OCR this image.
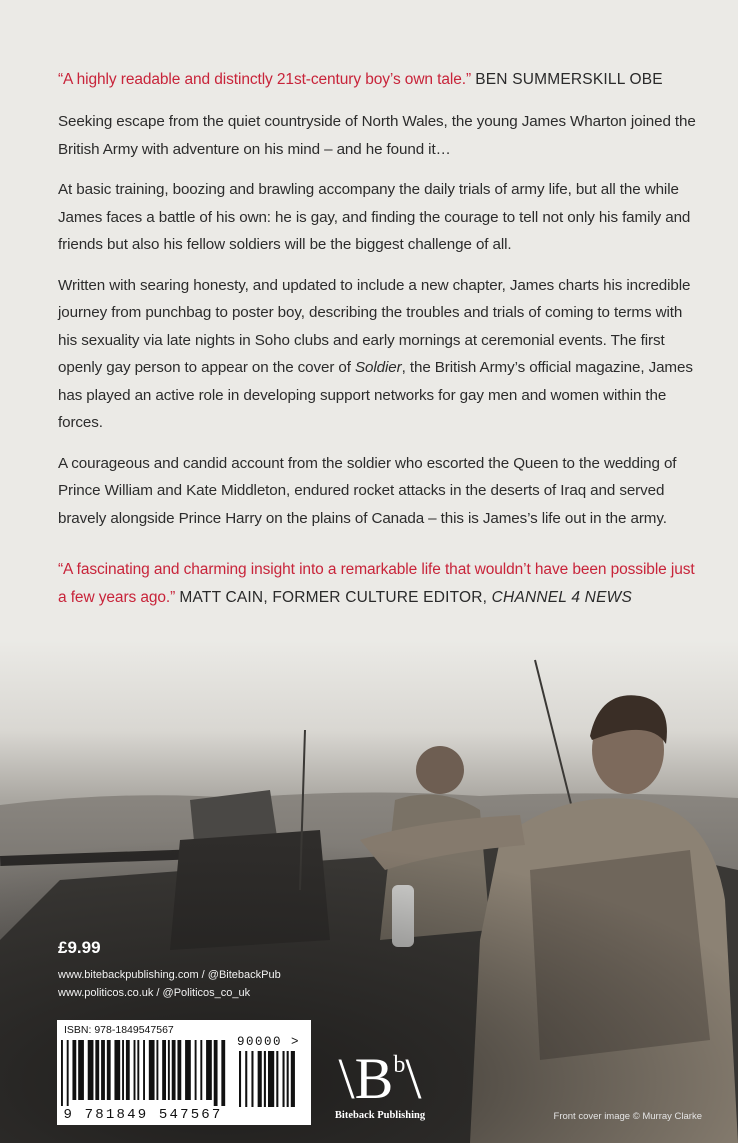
“A highly readable and distinctly 21st-century boy’s own tale.” BEN SUMMERSKILL OBE

Seeking escape from the quiet countryside of North Wales, the young James Wharton joined the British Army with adventure on his mind – and he found it…

At basic training, boozing and brawling accompany the daily trials of army life, but all the while James faces a battle of his own: he is gay, and finding the courage to tell not only his family and friends but also his fellow soldiers will be the biggest challenge of all.

Written with searing honesty, and updated to include a new chapter, James charts his incredible journey from punchbag to poster boy, describing the troubles and trials of coming to terms with his sexuality via late nights in Soho clubs and early mornings at ceremonial events. The first openly gay person to appear on the cover of Soldier, the British Army’s official magazine, James has played an active role in developing support networks for gay men and women within the forces.

A courageous and candid account from the soldier who escorted the Queen to the wedding of Prince William and Kate Middleton, endured rocket attacks in the deserts of Iraq and served bravely alongside Prince Harry on the plains of Canada – this is James’s life out in the army.

“A fascinating and charming insight into a remarkable life that wouldn’t have been possible just a few years ago.” MATT CAIN, FORMER CULTURE EDITOR, CHANNEL 4 NEWS

£9.99
www.bitebackpublishing.com / @BitebackPub
www.politicos.co.uk / @Politicos_co_uk
ISBN: 978-1849547567
9 781849 547567
90000 >
$\backslash B^b\backslash$
Biteback Publishing	Front cover image © Murray Clarke
